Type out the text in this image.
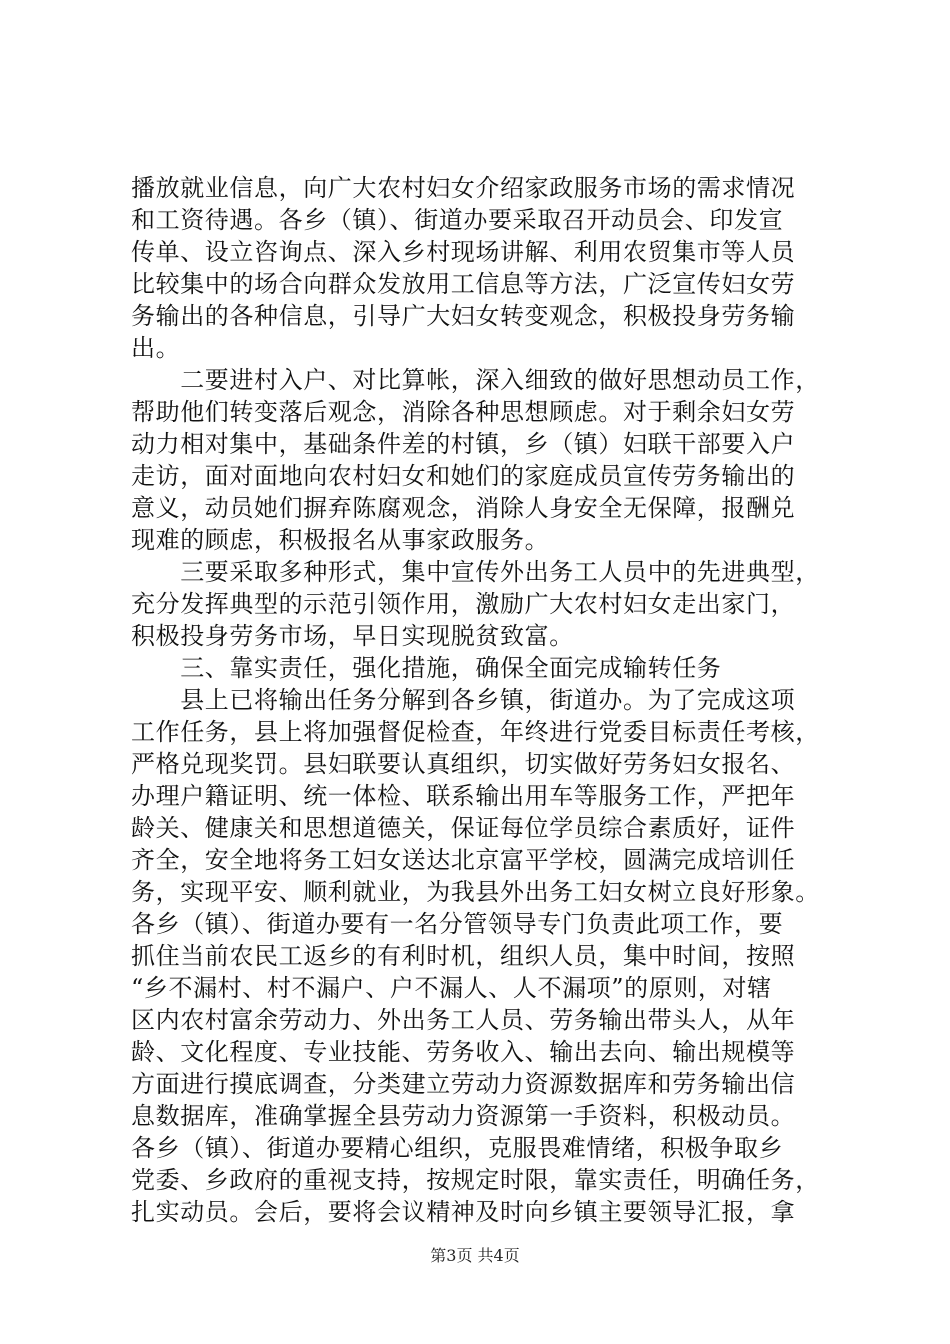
播放就业信息，向广大农村妇女介绍家政服务市场的需求情况
和工资待遇。各乡（镇）、街道办要采取召开动员会、印发宣
传单、设立咨询点、深入乡村现场讲解、利用农贸集市等人员
比较集中的场合向群众发放用工信息等方法，广泛宣传妇女劳
务输出的各种信息，引导广大妇女转变观念，积极投身劳务输
出。
　　二要进村入户、对比算帐，深入细致的做好思想动员工作，
帮助他们转变落后观念，消除各种思想顾虑。对于剩余妇女劳
动力相对集中，基础条件差的村镇，乡（镇）妇联干部要入户
走访，面对面地向农村妇女和她们的家庭成员宣传劳务输出的
意义，动员她们摒弃陈腐观念，消除人身安全无保障，报酬兑
现难的顾虑，积极报名从事家政服务。
　　三要采取多种形式，集中宣传外出务工人员中的先进典型，
充分发挥典型的示范引领作用，激励广大农村妇女走出家门，
积极投身劳务市场，早日实现脱贫致富。
　　三、靠实责任，强化措施，确保全面完成输转任务
　　县上已将输出任务分解到各乡镇，街道办。为了完成这项
工作任务，县上将加强督促检查，年终进行党委目标责任考核，
严格兑现奖罚。县妇联要认真组织，切实做好劳务妇女报名、
办理户籍证明、统一体检、联系输出用车等服务工作，严把年
龄关、健康关和思想道德关，保证每位学员综合素质好，证件
齐全，安全地将务工妇女送达北京富平学校，圆满完成培训任
务，实现平安、顺利就业，为我县外出务工妇女树立良好形象。
各乡（镇）、街道办要有一名分管领导专门负责此项工作，要
抓住当前农民工返乡的有利时机，组织人员，集中时间，按照
“乡不漏村、村不漏户、户不漏人、人不漏项”的原则，对辖
区内农村富余劳动力、外出务工人员、劳务输出带头人，从年
龄、文化程度、专业技能、劳务收入、输出去向、输出规模等
方面进行摸底调查，分类建立劳动力资源数据库和劳务输出信
息数据库，准确掌握全县劳动力资源第一手资料，积极动员。
各乡（镇）、街道办要精心组织，克服畏难情绪，积极争取乡
党委、乡政府的重视支持，按规定时限，靠实责任，明确任务，
扎实动员。会后，要将会议精神及时向乡镇主要领导汇报，拿
第3页 共4页
